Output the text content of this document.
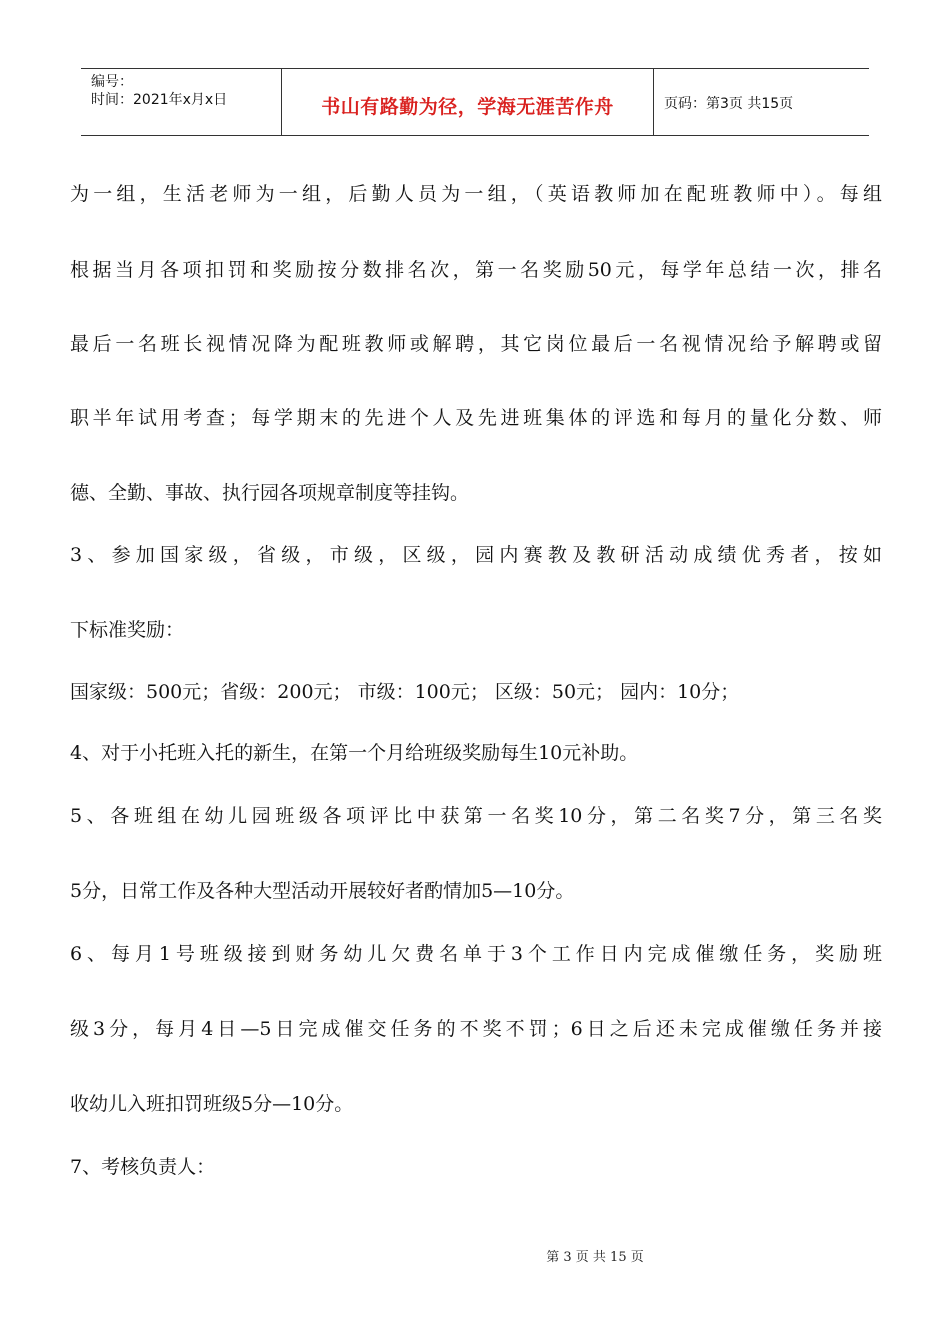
编号：
时间：2021年x月x日	书山有路勤为径，学海无涯苦作舟	页码：第3页 共15页
为一组，生活老师为一组，后勤人员为一组，（英语教师加在配班教师中）。每组
根据当月各项扣罚和奖励按分数排名次，第一名奖励50元，每学年总结一次，排名
最后一名班长视情况降为配班教师或解聘，其它岗位最后一名视情况给予解聘或留
职半年试用考查；每学期末的先进个人及先进班集体的评选和每月的量化分数、师
德、全勤、事故、执行园各项规章制度等挂钩。
3、参加国家级，省级，市级，区级，园内赛教及教研活动成绩优秀者，按如
下标准奖励：
国家级：500元；省级：200元； 市级：100元； 区级：50元； 园内：10分；
4、对于小托班入托的新生，在第一个月给班级奖励每生10元补助。
5、各班组在幼儿园班级各项评比中获第一名奖10分，第二名奖7分，第三名奖
5分，日常工作及各种大型活动开展较好者酌情加5—10分。
6、每月1号班级接到财务幼儿欠费名单于3个工作日内完成催缴任务，奖励班
级3分，每月4日—5日完成催交任务的不奖不罚；6日之后还未完成催缴任务并接
收幼儿入班扣罚班级5分—10分。
7、考核负责人：
第 3 页 共 15 页
